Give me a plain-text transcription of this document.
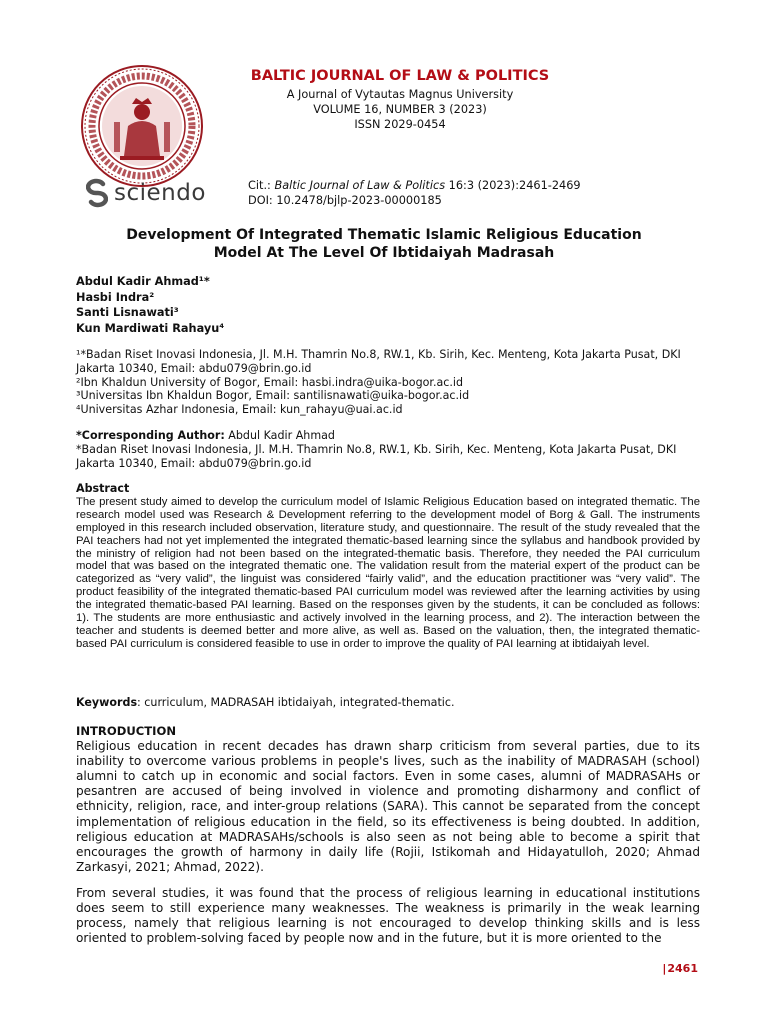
sciendo
BALTIC JOURNAL OF LAW & POLITICS
A Journal of Vytautas Magnus University
VOLUME 16, NUMBER 3 (2023)
ISSN 2029-0454
Cit.: Baltic Journal of Law & Politics 16:3 (2023):2461-2469
DOI: 10.2478/bjlp-2023-00000185
Development Of Integrated Thematic Islamic Religious Education
Model At The Level Of Ibtidaiyah Madrasah
Abdul Kadir Ahmad¹*
Hasbi Indra²
Santi Lisnawati³
Kun Mardiwati Rahayu⁴
¹*Badan Riset Inovasi Indonesia, Jl. M.H. Thamrin No.8, RW.1, Kb. Sirih, Kec. Menteng, Kota Jakarta Pusat, DKI Jakarta 10340, Email: abdu079@brin.go.id
²Ibn Khaldun University of Bogor, Email: hasbi.indra@uika-bogor.ac.id
³Universitas Ibn Khaldun Bogor, Email: santilisnawati@uika-bogor.ac.id
⁴Universitas Azhar Indonesia, Email: kun_rahayu@uai.ac.id
*Corresponding Author: Abdul Kadir Ahmad
*Badan Riset Inovasi Indonesia, Jl. M.H. Thamrin No.8, RW.1, Kb. Sirih, Kec. Menteng, Kota Jakarta Pusat, DKI Jakarta 10340, Email: abdu079@brin.go.id
Abstract
The present study aimed to develop the curriculum model of Islamic Religious Education based on integrated thematic. The research model used was Research & Development referring to the development model of Borg & Gall. The instruments employed in this research included observation, literature study, and questionnaire. The result of the study revealed that the PAI teachers had not yet implemented the integrated thematic-based learning since the syllabus and handbook provided by the ministry of religion had not been based on the integrated-thematic basis. Therefore, they needed the PAI curriculum model that was based on the integrated thematic one. The validation result from the material expert of the product can be categorized as “very valid”, the linguist was considered “fairly valid”, and the education practitioner was “very valid”. The product feasibility of the integrated thematic-based PAI curriculum model was reviewed after the learning activities by using the integrated thematic-based PAI learning. Based on the responses given by the students, it can be concluded as follows: 1). The students are more enthusiastic and actively involved in the learning process, and 2). The interaction between the teacher and students is deemed better and more alive, as well as. Based on the valuation, then, the integrated thematic-based PAI curriculum is considered feasible to use in order to improve the quality of PAI learning at ibtidaiyah level.
Keywords: curriculum, MADRASAH ibtidaiyah, integrated-thematic.
INTRODUCTION
Religious education in recent decades has drawn sharp criticism from several parties, due to its inability to overcome various problems in people's lives, such as the inability of MADRASAH (school) alumni to catch up in economic and social factors. Even in some cases, alumni of MADRASAHs or pesantren are accused of being involved in violence and promoting disharmony and conflict of ethnicity, religion, race, and inter-group relations (SARA). This cannot be separated from the concept implementation of religious education in the field, so its effectiveness is being doubted. In addition, religious education at MADRASAHs/schools is also seen as not being able to become a spirit that encourages the growth of harmony in daily life (Rojii, Istikomah and Hidayatulloh, 2020; Ahmad Zarkasyi, 2021; Ahmad, 2022).
From several studies, it was found that the process of religious learning in educational institutions does seem to still experience many weaknesses. The weakness is primarily in the weak learning process, namely that religious learning is not encouraged to develop thinking skills and is less oriented to problem-solving faced by people now and in the future, but it is more oriented to the
|2461
